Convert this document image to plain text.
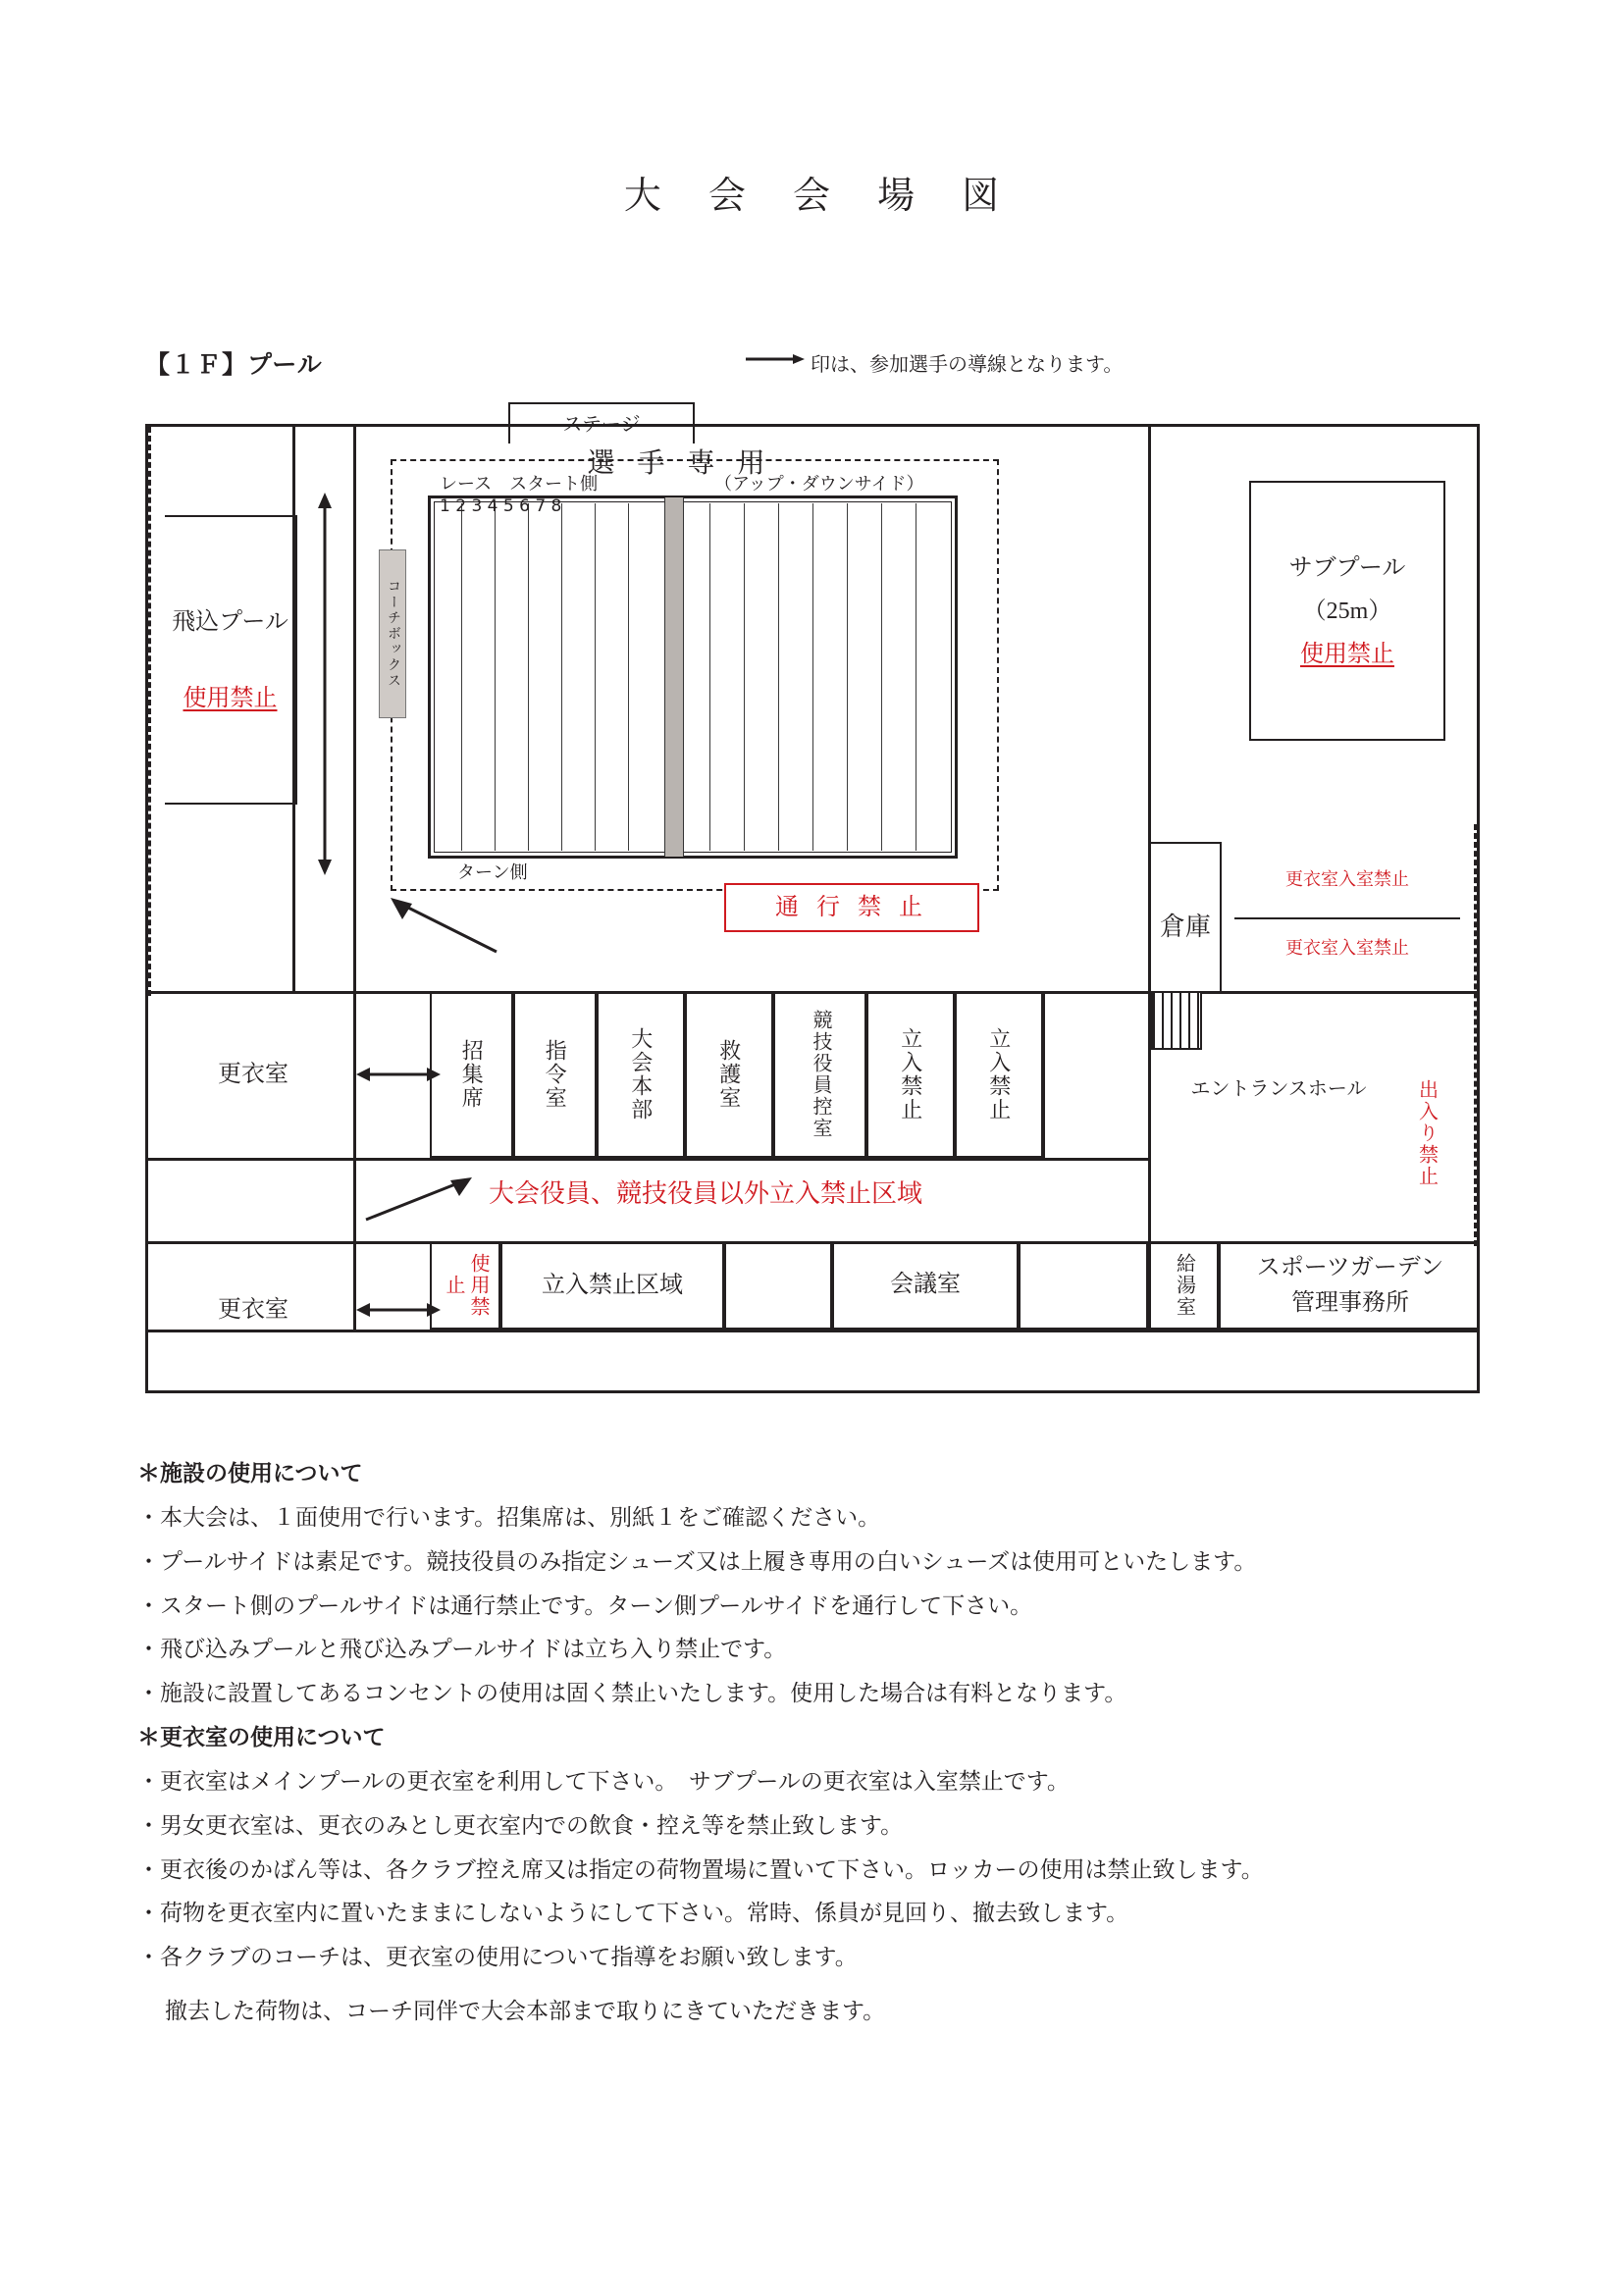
大 会 会 場 図
【１Ｆ】プール	印は、参加選手の導線となります。
ステージ
選 手 専 用
飛込プール
使用禁止
コーチボックス
レース　スタート側	（アップ・ダウンサイド）
1 2 3 4 5 6 7 8
ターン側
通 行 禁 止
サブプール
（25m）
使用禁止
倉庫
更衣室入室禁止
更衣室入室禁止
エントランスホール	出入り禁止
更衣室
更衣室
招集席	指令室	大会本部	救護室	競技役員控室	立入禁止	立入禁止
大会役員、競技役員以外立入禁止区域
使用禁止	立入禁止区域	会議室	給湯室	スポーツガーデン
管理事務所
＊施設の使用について
・本大会は、１面使用で行います。招集席は、別紙１をご確認ください。
・プールサイドは素足です。競技役員のみ指定シューズ又は上履き専用の白いシューズは使用可といたします。
・スタート側のプールサイドは通行禁止です。ターン側プールサイドを通行して下さい。
・飛び込みプールと飛び込みプールサイドは立ち入り禁止です。
・施設に設置してあるコンセントの使用は固く禁止いたします。使用した場合は有料となります。
＊更衣室の使用について
・更衣室はメインプールの更衣室を利用して下さい。　サブプールの更衣室は入室禁止です。
・男女更衣室は、更衣のみとし更衣室内での飲食・控え等を禁止致します。
・更衣後のかばん等は、各クラブ控え席又は指定の荷物置場に置いて下さい。ロッカーの使用は禁止致します。
・荷物を更衣室内に置いたままにしないようにして下さい。常時、係員が見回り、撤去致します。
・各クラブのコーチは、更衣室の使用について指導をお願い致します。
撤去した荷物は、コーチ同伴で大会本部まで取りにきていただきます。
